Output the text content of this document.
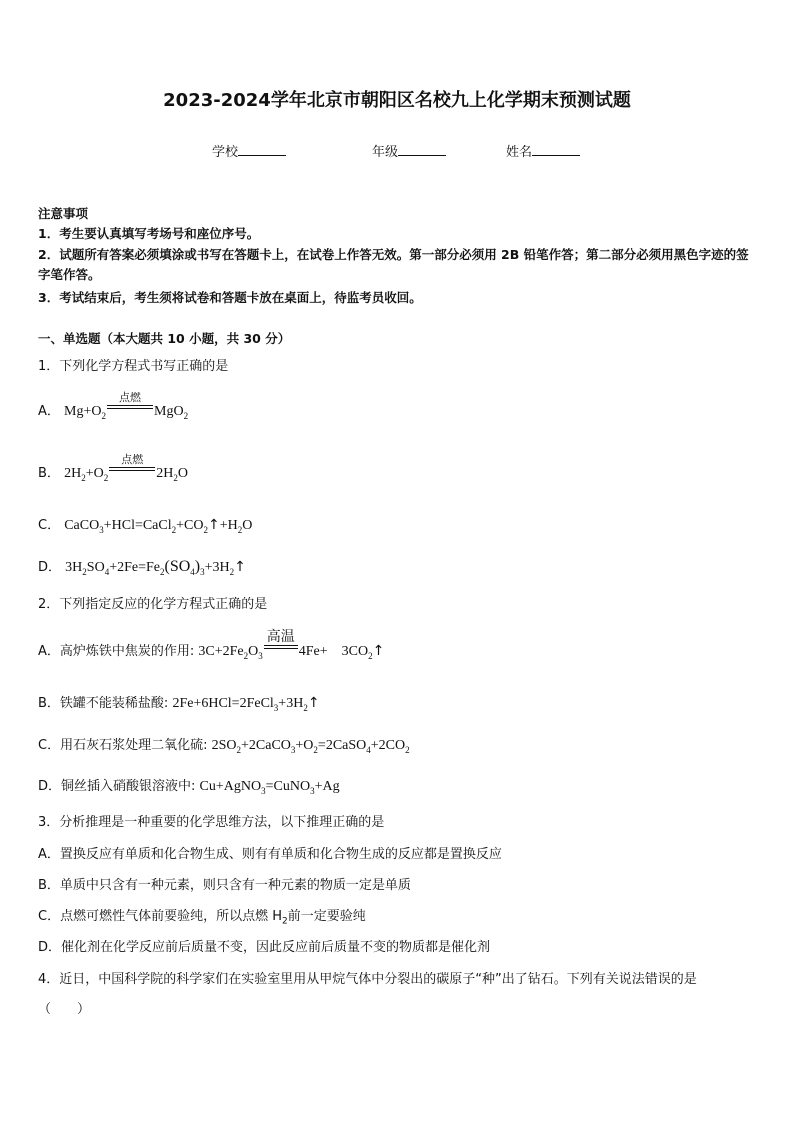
2023-2024学年北京市朝阳区名校九上化学期末预测试题
学校	年级	姓名
注意事项
1．考生要认真填写考场号和座位序号。
2．试题所有答案必须填涂或书写在答题卡上，在试卷上作答无效。第一部分必须用 2B 铅笔作答；第二部分必须用黑色字迹的签字笔作答。
3．考试结束后，考生须将试卷和答题卡放在桌面上，待监考员收回。
一、单选题（本大题共 10 小题，共 30 分）
1．下列化学方程式书写正确的是
A． $Mg+O_2$
点燃
MgO$_2$
B． $2H_2+O_2$
点燃
$2H_2O$
C． $CaCO_3+HCl=CaCl_2+CO_2↑+H_2O$
D． $3H_2SO_4+2Fe=Fe_2(SO_4)_3+3H_2↑$
2．下列指定反应的化学方程式正确的是
A．高炉炼铁中焦炭的作用: $3C+2Fe_2O_3$
高温
4Fe+　$3CO_2↑$
B．铁罐不能装稀盐酸: $2Fe+6HCl=2FeCl_3+3H_2↑$
C．用石灰石浆处理二氧化硫: $2SO_2+2CaCO_3+O_2=2CaSO_4+2CO_2$
D．铜丝插入硝酸银溶液中: Cu+AgNO$_3$=CuNO$_3$+Ag
3．分析推理是一种重要的化学思维方法，以下推理正确的是
A．置换反应有单质和化合物生成、则有有单质和化合物生成的反应都是置换反应
B．单质中只含有一种元素，则只含有一种元素的物质一定是单质
C．点燃可燃性气体前要验纯，所以点燃 $H_2$前一定要验纯
D．催化剂在化学反应前后质量不变，因此反应前后质量不变的物质都是催化剂
4．近日，中国科学院的科学家们在实验室里用从甲烷气体中分裂出的碳原子“种”出了钻石。下列有关说法错误的是
（　　）
